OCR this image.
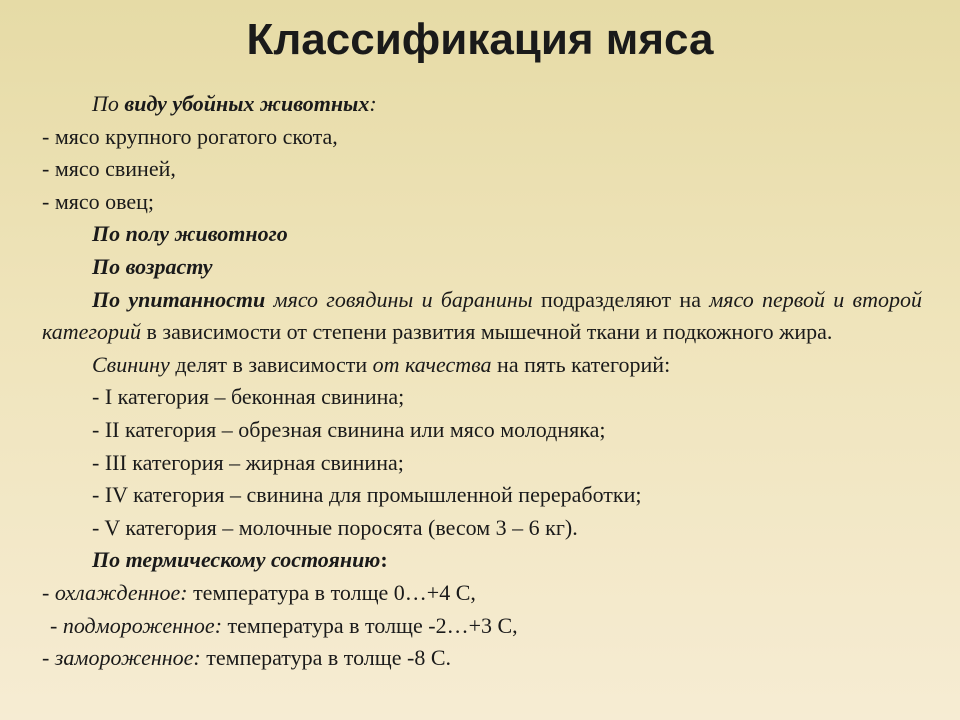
Классификация мяса
По виду убойных животных:
- мясо крупного рогатого скота,
- мясо свиней,
- мясо овец;
По полу животного
По возрасту
По упитанности мясо говядины и баранины подразделяют на мясо первой и второй категорий в зависимости от степени развития мышечной ткани и подкожного жира.
Свинину делят в зависимости от качества на пять категорий:
- I категория – беконная свинина;
- II категория – обрезная свинина или мясо молодняка;
- III категория – жирная свинина;
- IV категория – свинина для промышленной переработки;
- V категория – молочные поросята (весом 3 – 6 кг).
По термическому состоянию:
- охлажденное: температура в толще 0…+4 С,
- подмороженное: температура в толще -2…+3 С,
- замороженное: температура в толще -8 С.
